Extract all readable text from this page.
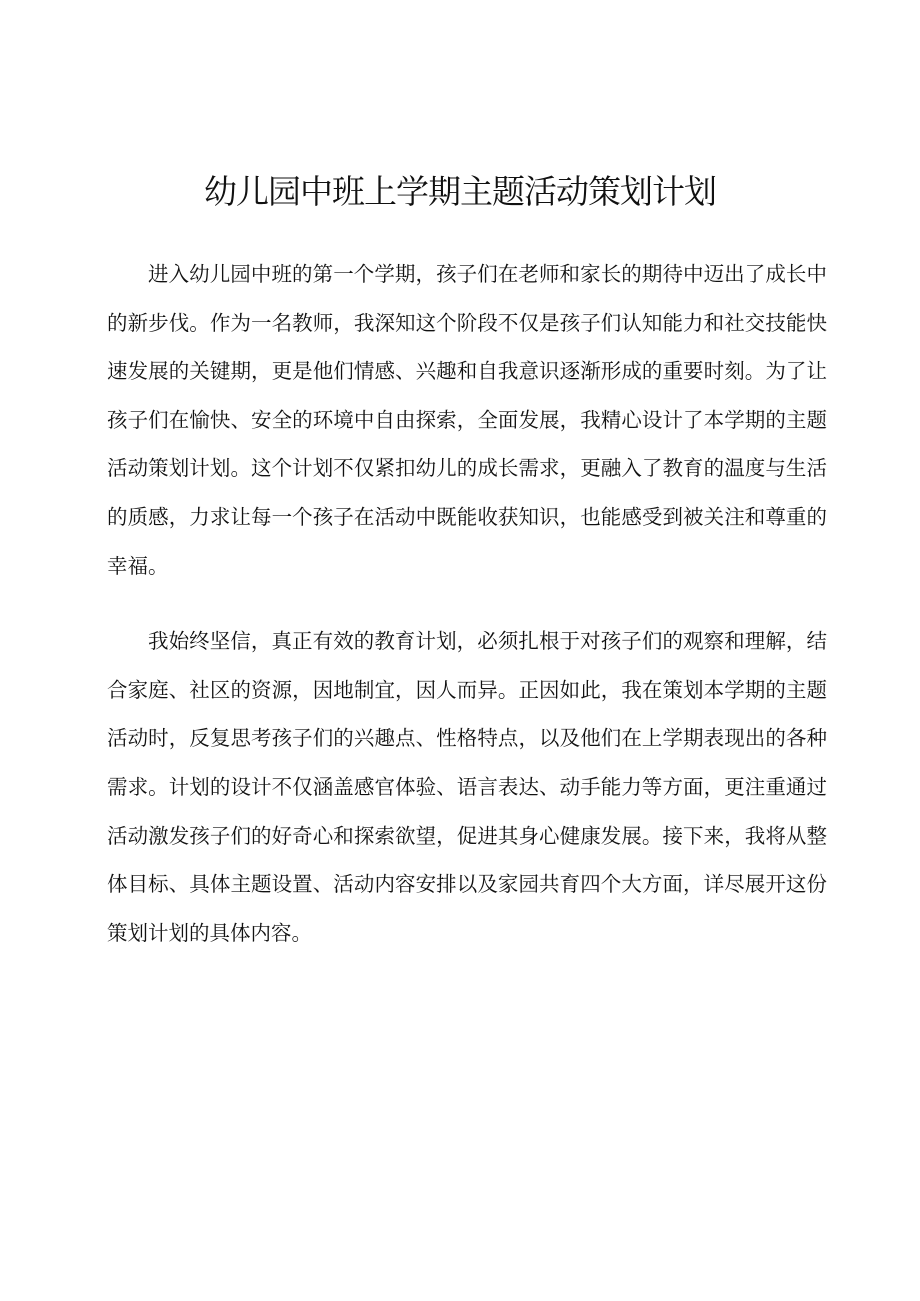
幼儿园中班上学期主题活动策划计划

进入幼儿园中班的第一个学期，孩子们在老师和家长的期待中迈出了成长中的新步伐。作为一名教师，我深知这个阶段不仅是孩子们认知能力和社交技能快速发展的关键期，更是他们情感、兴趣和自我意识逐渐形成的重要时刻。为了让孩子们在愉快、安全的环境中自由探索，全面发展，我精心设计了本学期的主题活动策划计划。这个计划不仅紧扣幼儿的成长需求，更融入了教育的温度与生活的质感，力求让每一个孩子在活动中既能收获知识，也能感受到被关注和尊重的幸福。

我始终坚信，真正有效的教育计划，必须扎根于对孩子们的观察和理解，结合家庭、社区的资源，因地制宜，因人而异。正因如此，我在策划本学期的主题活动时，反复思考孩子们的兴趣点、性格特点，以及他们在上学期表现出的各种需求。计划的设计不仅涵盖感官体验、语言表达、动手能力等方面，更注重通过活动激发孩子们的好奇心和探索欲望，促进其身心健康发展。接下来，我将从整体目标、具体主题设置、活动内容安排以及家园共育四个大方面，详尽展开这份策划计划的具体内容。
